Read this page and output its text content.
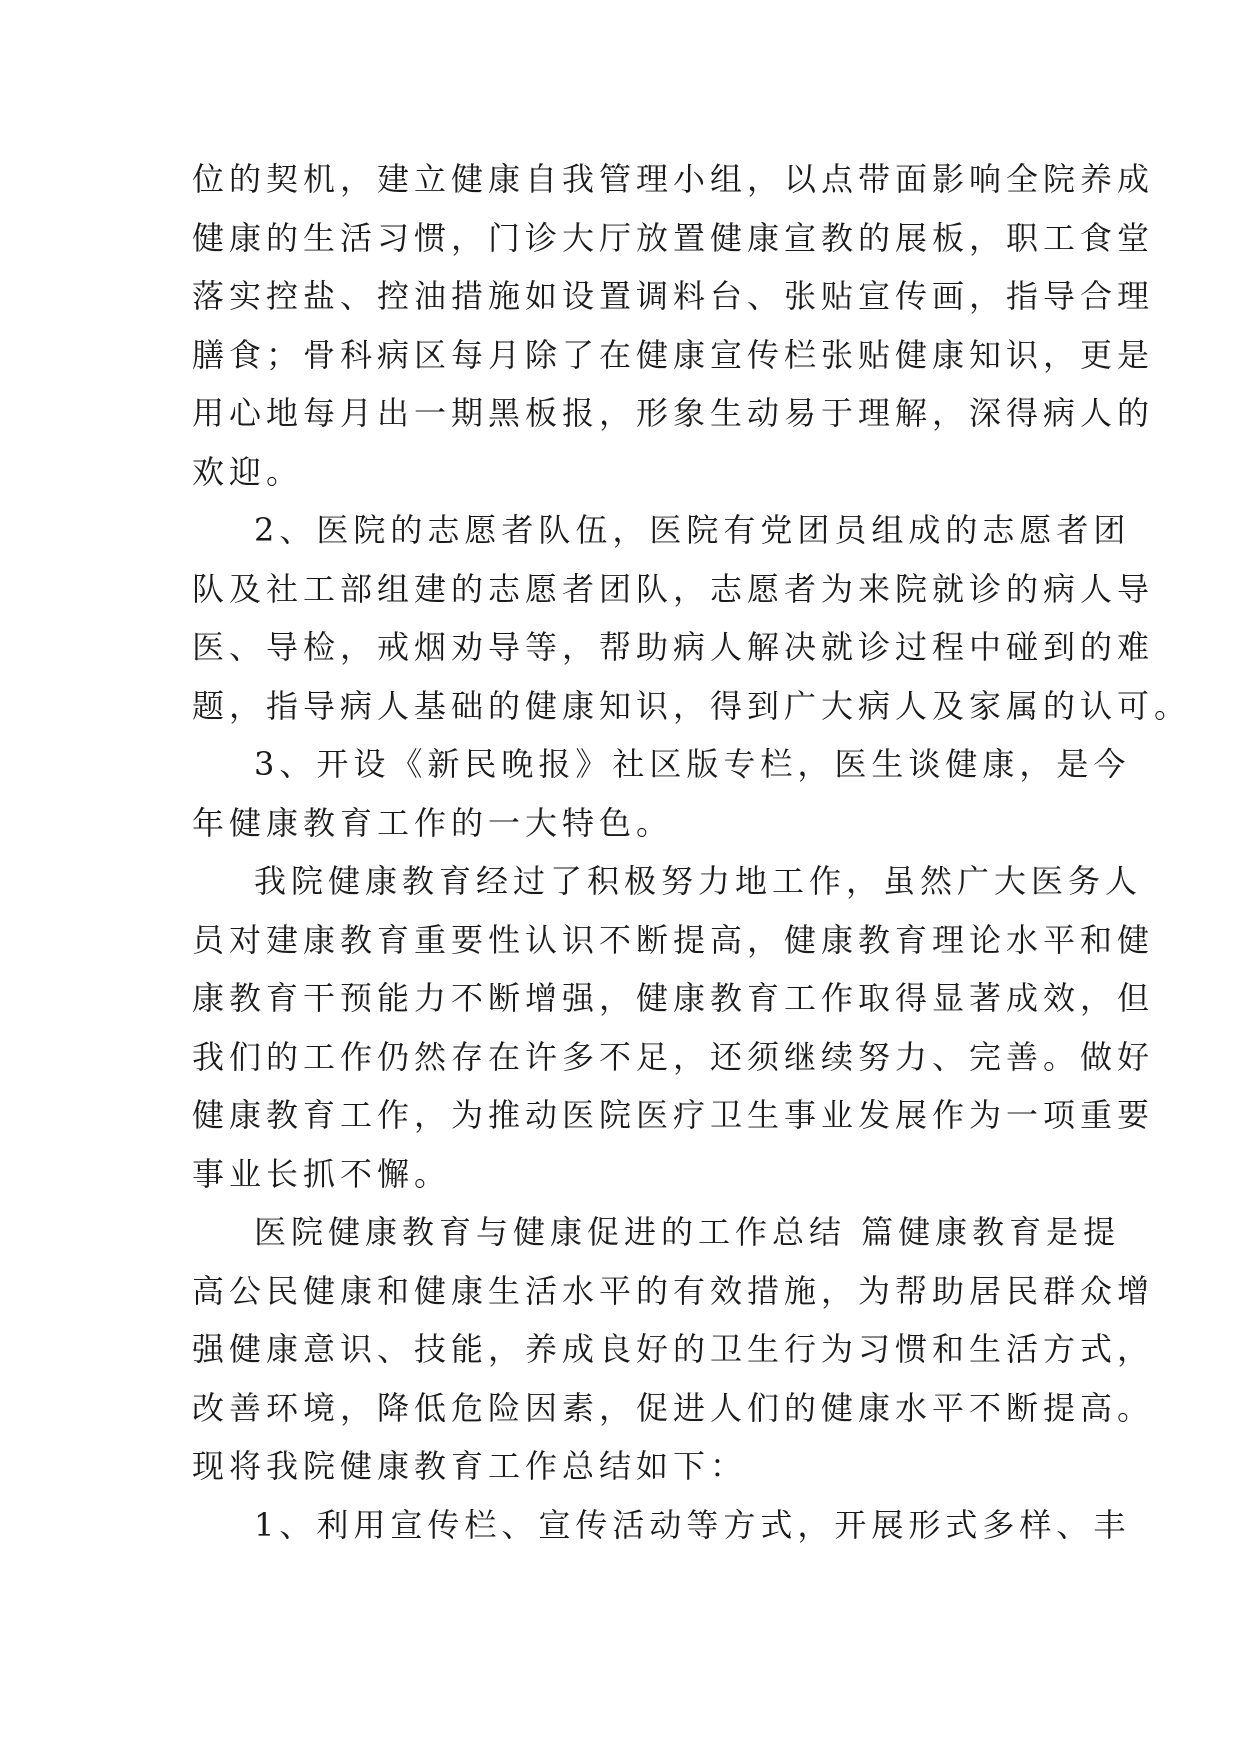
位的契机，建立健康自我管理小组，以点带面影响全院养成
健康的生活习惯，门诊大厅放置健康宣教的展板，职工食堂
落实控盐、控油措施如设置调料台、张贴宣传画，指导合理
膳食；骨科病区每月除了在健康宣传栏张贴健康知识，更是
用心地每月出一期黑板报，形象生动易于理解，深得病人的
欢迎。
2、医院的志愿者队伍，医院有党团员组成的志愿者团
队及社工部组建的志愿者团队，志愿者为来院就诊的病人导
医、导检，戒烟劝导等，帮助病人解决就诊过程中碰到的难
题，指导病人基础的健康知识，得到广大病人及家属的认可。
3、开设《新民晚报》社区版专栏，医生谈健康，是今
年健康教育工作的一大特色。
我院健康教育经过了积极努力地工作，虽然广大医务人
员对建康教育重要性认识不断提高，健康教育理论水平和健
康教育干预能力不断增强，健康教育工作取得显著成效，但
我们的工作仍然存在许多不足，还须继续努力、完善。做好
健康教育工作，为推动医院医疗卫生事业发展作为一项重要
事业长抓不懈。
医院健康教育与健康促进的工作总结 篇健康教育是提
高公民健康和健康生活水平的有效措施，为帮助居民群众增
强健康意识、技能，养成良好的卫生行为习惯和生活方式，
改善环境，降低危险因素，促进人们的健康水平不断提高。
现将我院健康教育工作总结如下：
1、利用宣传栏、宣传活动等方式，开展形式多样、丰
